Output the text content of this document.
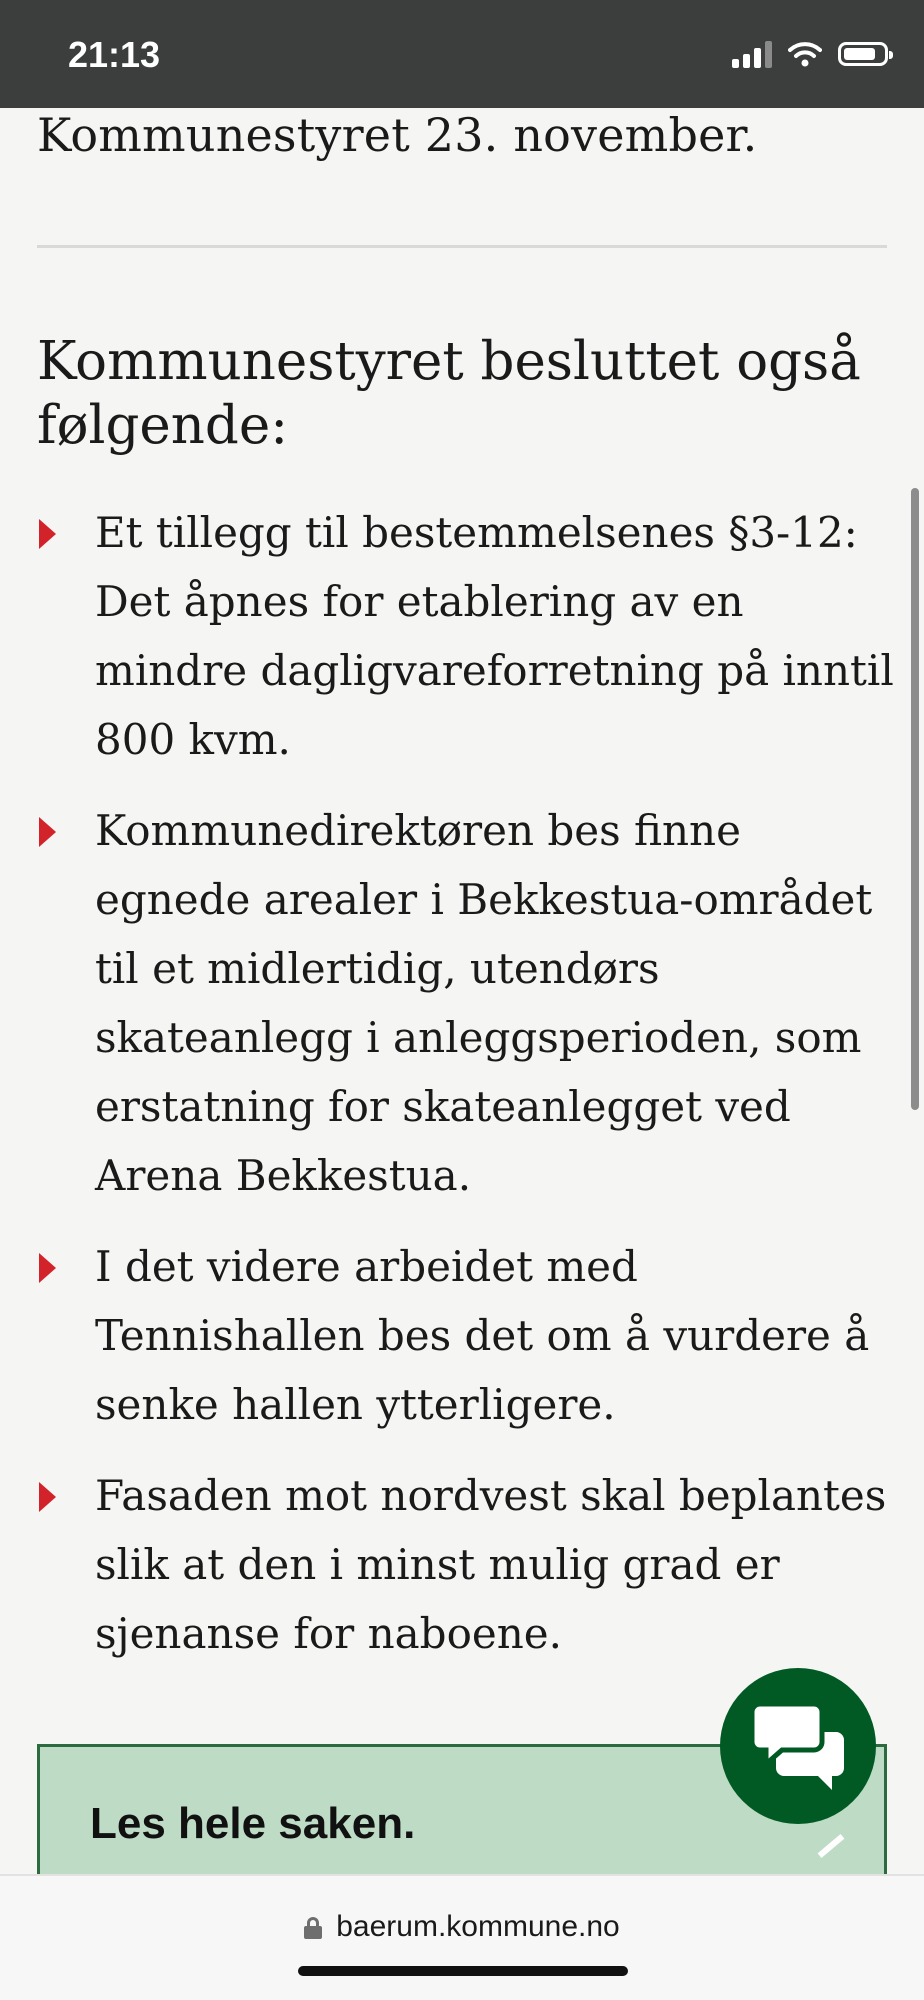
21:13
Kommunestyret 23. november.
Kommunestyret besluttet også følgende:
Et tillegg til bestemmelsenes §3-12: Det åpnes for etablering av en mindre dagligvareforretning på inntil 800 kvm.
Kommunedirektøren bes finne egnede arealer i Bekkestua-området til et midlertidig, utendørs skateanlegg i anleggsperioden, som erstatning for skateanlegget ved Arena Bekkestua.
I det videre arbeidet med Tennishallen bes det om å vurdere å senke hallen ytterligere.
Fasaden mot nordvest skal beplantes slik at den i minst mulig grad er sjenanse for naboene.
Les hele saken.
baerum.kommune.no
